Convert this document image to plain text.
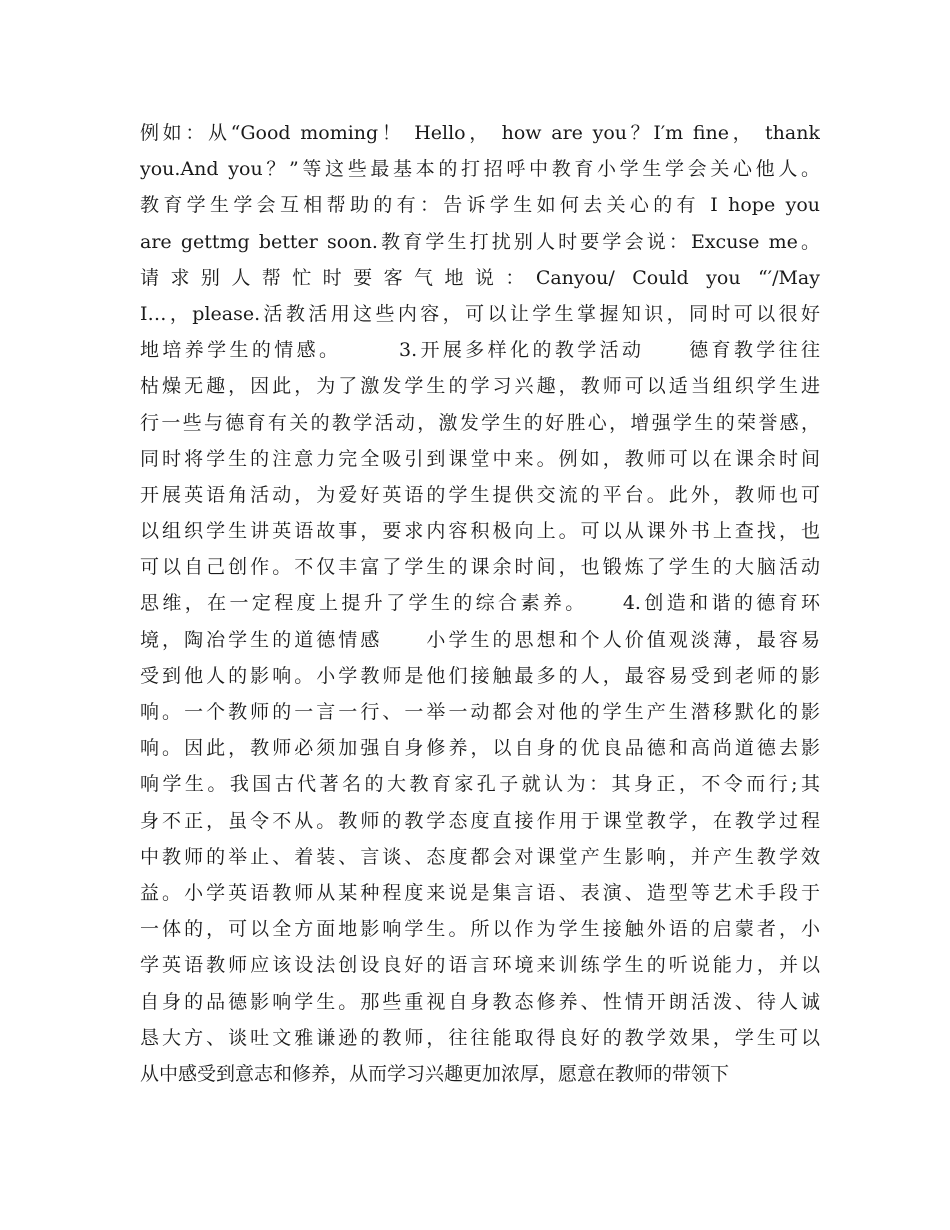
例如：从“Good moming！ Hello， how are you？I′m fine， thank
you.And you？”等这些最基本的打招呼中教育小学生学会关心他人。
教育学生学会互相帮助的有：告诉学生如何去关心的有 I hope you
are gettmg better soon.教育学生打扰别人时要学会说：Excuse me。
请求别人帮忙时要客气地说：Canyou/ Could you “′/May
I…，please.活教活用这些内容，可以让学生掌握知识，同时可以很好
地培养学生的情感。　　　3.开展多样化的教学活动　　德育教学往往
枯燥无趣，因此，为了激发学生的学习兴趣，教师可以适当组织学生进
行一些与德育有关的教学活动，激发学生的好胜心，增强学生的荣誉感，
同时将学生的注意力完全吸引到课堂中来。例如，教师可以在课余时间
开展英语角活动，为爱好英语的学生提供交流的平台。此外，教师也可
以组织学生讲英语故事，要求内容积极向上。可以从课外书上查找，也
可以自己创作。不仅丰富了学生的课余时间，也锻炼了学生的大脑活动
思维，在一定程度上提升了学生的综合素养。　　4.创造和谐的德育环
境，陶冶学生的道德情感　　小学生的思想和个人价值观淡薄，最容易
受到他人的影响。小学教师是他们接触最多的人，最容易受到老师的影
响。一个教师的一言一行、一举一动都会对他的学生产生潜移默化的影
响。因此，教师必须加强自身修养，以自身的优良品德和高尚道德去影
响学生。我国古代著名的大教育家孔子就认为：其身正，不令而行;其
身不正，虽令不从。教师的教学态度直接作用于课堂教学，在教学过程
中教师的举止、着装、言谈、态度都会对课堂产生影响，并产生教学效
益。小学英语教师从某种程度来说是集言语、表演、造型等艺术手段于
一体的，可以全方面地影响学生。所以作为学生接触外语的启蒙者，小
学英语教师应该设法创设良好的语言环境来训练学生的听说能力，并以
自身的品德影响学生。那些重视自身教态修养、性情开朗活泼、待人诚
恳大方、谈吐文雅谦逊的教师，往往能取得良好的教学效果，学生可以
从中感受到意志和修养，从而学习兴趣更加浓厚，愿意在教师的带领下
